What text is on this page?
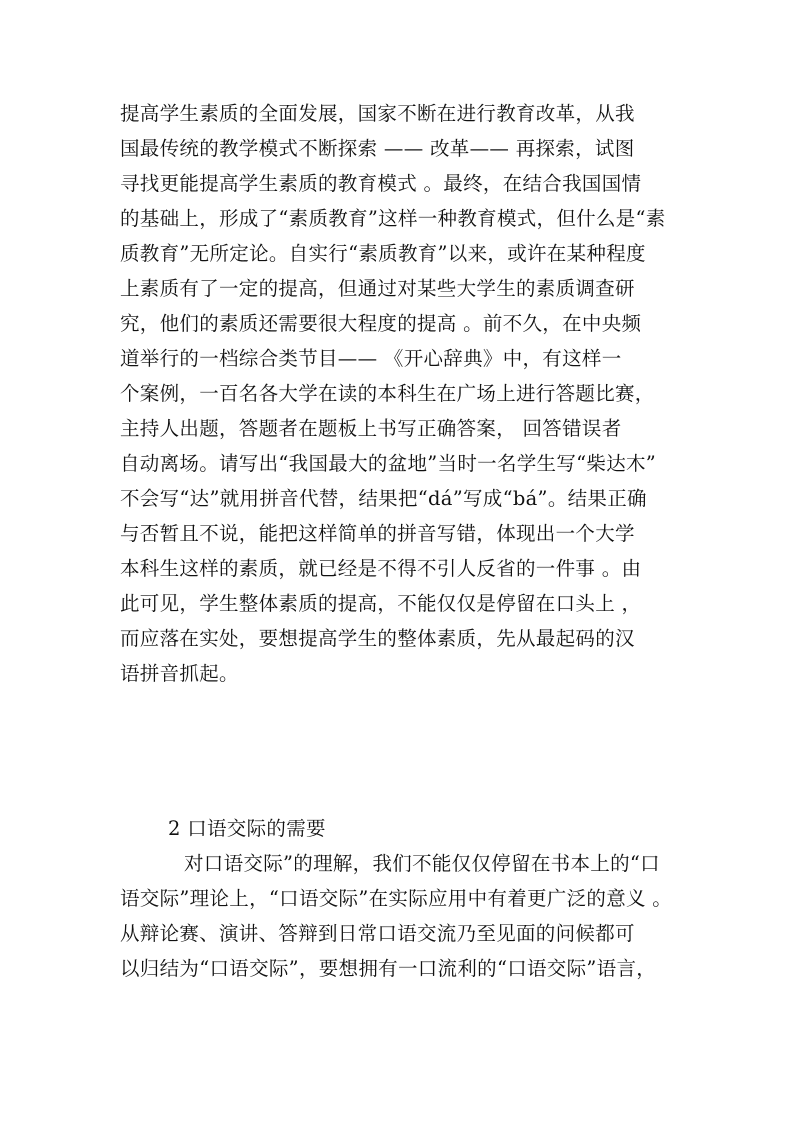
提高学生素质的全面发展，国家不断在进行教育改革，从我
国最传统的教学模式不断探索 —— 改革—— 再探索，试图
寻找更能提高学生素质的教育模式 。最终，在结合我国国情
的基础上，形成了“素质教育”这样一种教育模式，但什么是“素
质教育”无所定论。自实行“素质教育”以来，或许在某种程度
上素质有了一定的提高，但通过对某些大学生的素质调查研
究，他们的素质还需要很大程度的提高 。前不久，在中央频
道举行的一档综合类节目—— 《开心辞典》中，有这样一
个案例，一百名各大学在读的本科生在广场上进行答题比赛，
主持人出题，答题者在题板上书写正确答案， 回答错误者
自动离场。请写出“我国最大的盆地”当时一名学生写“柴达木”
不会写“达”就用拼音代替，结果把“dá”写成“bá”。结果正确
与否暂且不说，能把这样简单的拼音写错，体现出一个大学
本科生这样的素质，就已经是不得不引人反省的一件事 。由
此可见，学生整体素质的提高，不能仅仅是停留在口头上 ，
而应落在实处，要想提高学生的整体素质，先从最起码的汉
语拼音抓起。
2 口语交际的需要
对口语交际”的理解，我们不能仅仅停留在书本上的“口
语交际”理论上，“口语交际”在实际应用中有着更广泛的意义 。
从辩论赛、演讲、答辩到日常口语交流乃至见面的问候都可
以归结为“口语交际”，要想拥有一口流利的“口语交际”语言，
